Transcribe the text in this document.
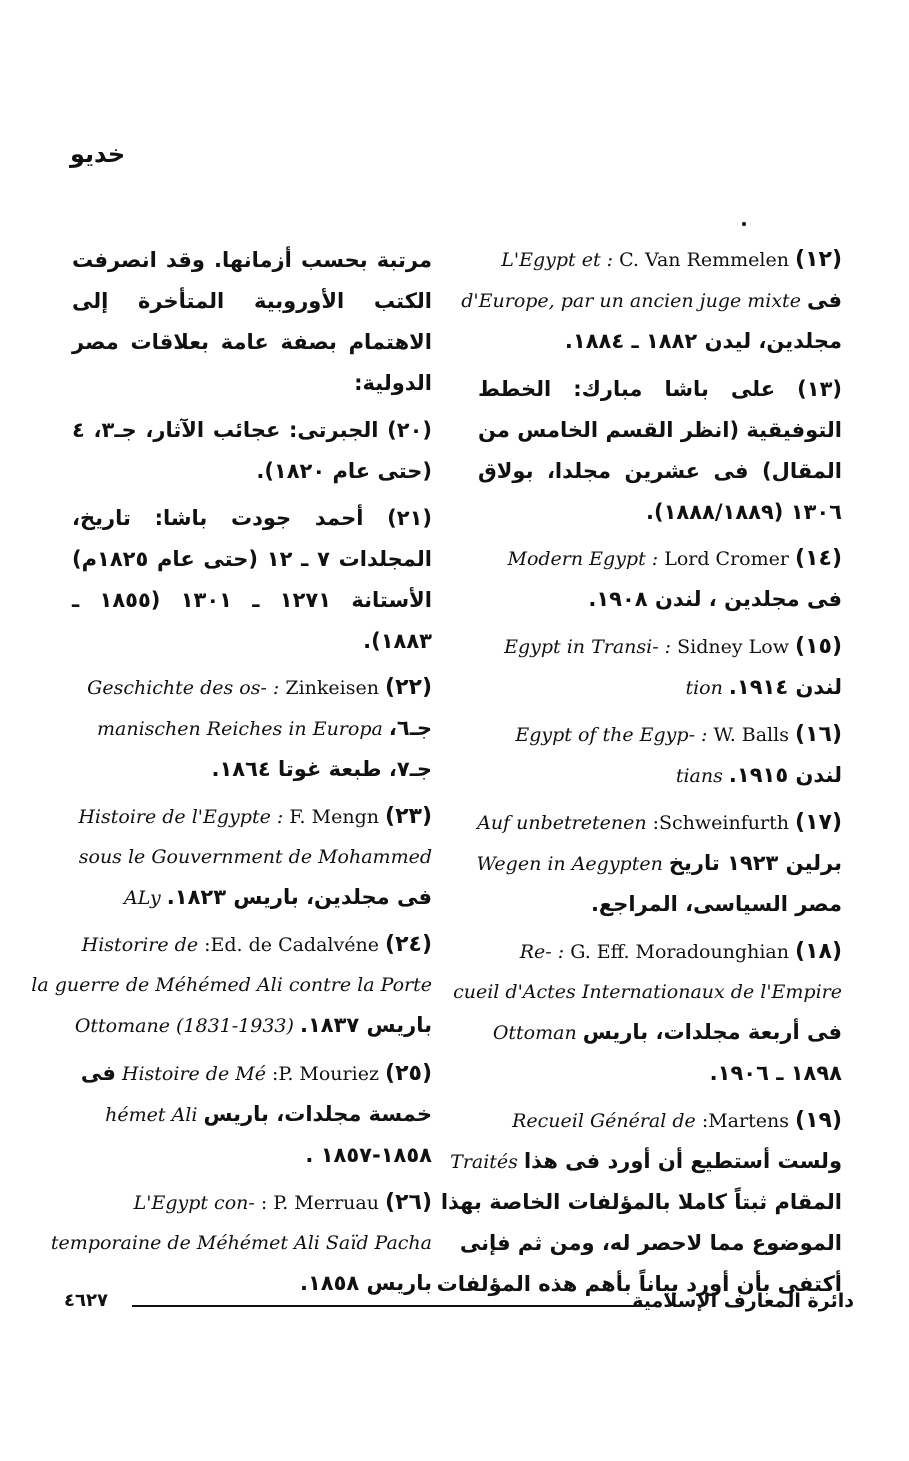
خديو
(١٢) C. Van Remmelen L'Egypt et :
فى d'Europe, par un ancien juge mixte
مجلدين، ليدن ١٨٨٢ ـ ١٨٨٤.

(١٣) على باشا مبارك: الخطط التوفيقية (انظر القسم الخامس من المقال) فى عشرين مجلدا، بولاق ١٣٠٦ (١٨٨٨/١٨٨٩).

(١٤) Lord Cromer Modern Egypt :
فى مجلدين ، لندن ١٩٠٨.
(١٥) Sidney Low Egypt in Transi- :
لندن ١٩١٤. tion
(١٦) W. Balls Egypt of the Egyp- :
لندن ١٩١٥. tians
(١٧) :Schweinfurth Auf unbetretenen
برلين ١٩٢٣ تاريخ Wegen in Aegypten
مصر السياسى، المراجع.
(١٨) G. Eff. Moradounghian Re- :
cueil d'Actes Internationaux de l'Empire
فى أربعة مجلدات، باريس Ottoman
١٨٩٨ ـ ١٩٠٦.
(١٩) :Martens Recueil Général de
ولست أستطيع أن أورد فى هذا Traités
المقام ثبتاً كاملا بالمؤلفات الخاصة بهذا
الموضوع مما لاحصر له، ومن ثم فإنى
أكتفى بأن أورد بياناً بأهم هذه المؤلفات

مرتبة بحسب أزمانها. وقد انصرفت الكتب الأوروبية المتأخرة إلى الاهتمام بصفة عامة بعلاقات مصر الدولية:

(٢٠) الجبرتى: عجائب الآثار، جـ٣، ٤ (حتى عام ١٨٢٠).

(٢١) أحمد جودت باشا: تاريخ، المجلدات ٧ ـ ١٢ (حتى عام ١٨٢٥م) الأستانة ١٢٧١ ـ ١٣٠١ (١٨٥٥ ـ ١٨٨٣).

(٢٢) Zinkeisen Geschichte des os- :
جـ٦، manischen Reiches in Europa
جـ٧، طبعة غوتا ١٨٦٤.
(٢٣) F. Mengn Histoire de l'Egypte :
sous le Gouvernment de Mohammed
فى مجلدين، باريس ١٨٢٣. ALy
(٢٤) :Ed. de Cadalvéne Historire de
la guerre de Méhémed Ali contre la Porte
باريس ١٨٣٧. Ottomane (1831-1933)
(٢٥) :P. Mouriez Histoire de Mé فى
خمسة مجلدات، باريس hémet Ali
١٨٥٨-١٨٥٧ .
(٢٦) : P. Merruau L'Egypt con-
temporaine de Méhémet Ali Saïd Pacha
باريس ١٨٥٨.
دائرة المعارف الإسلامية
٤٦٢٧
